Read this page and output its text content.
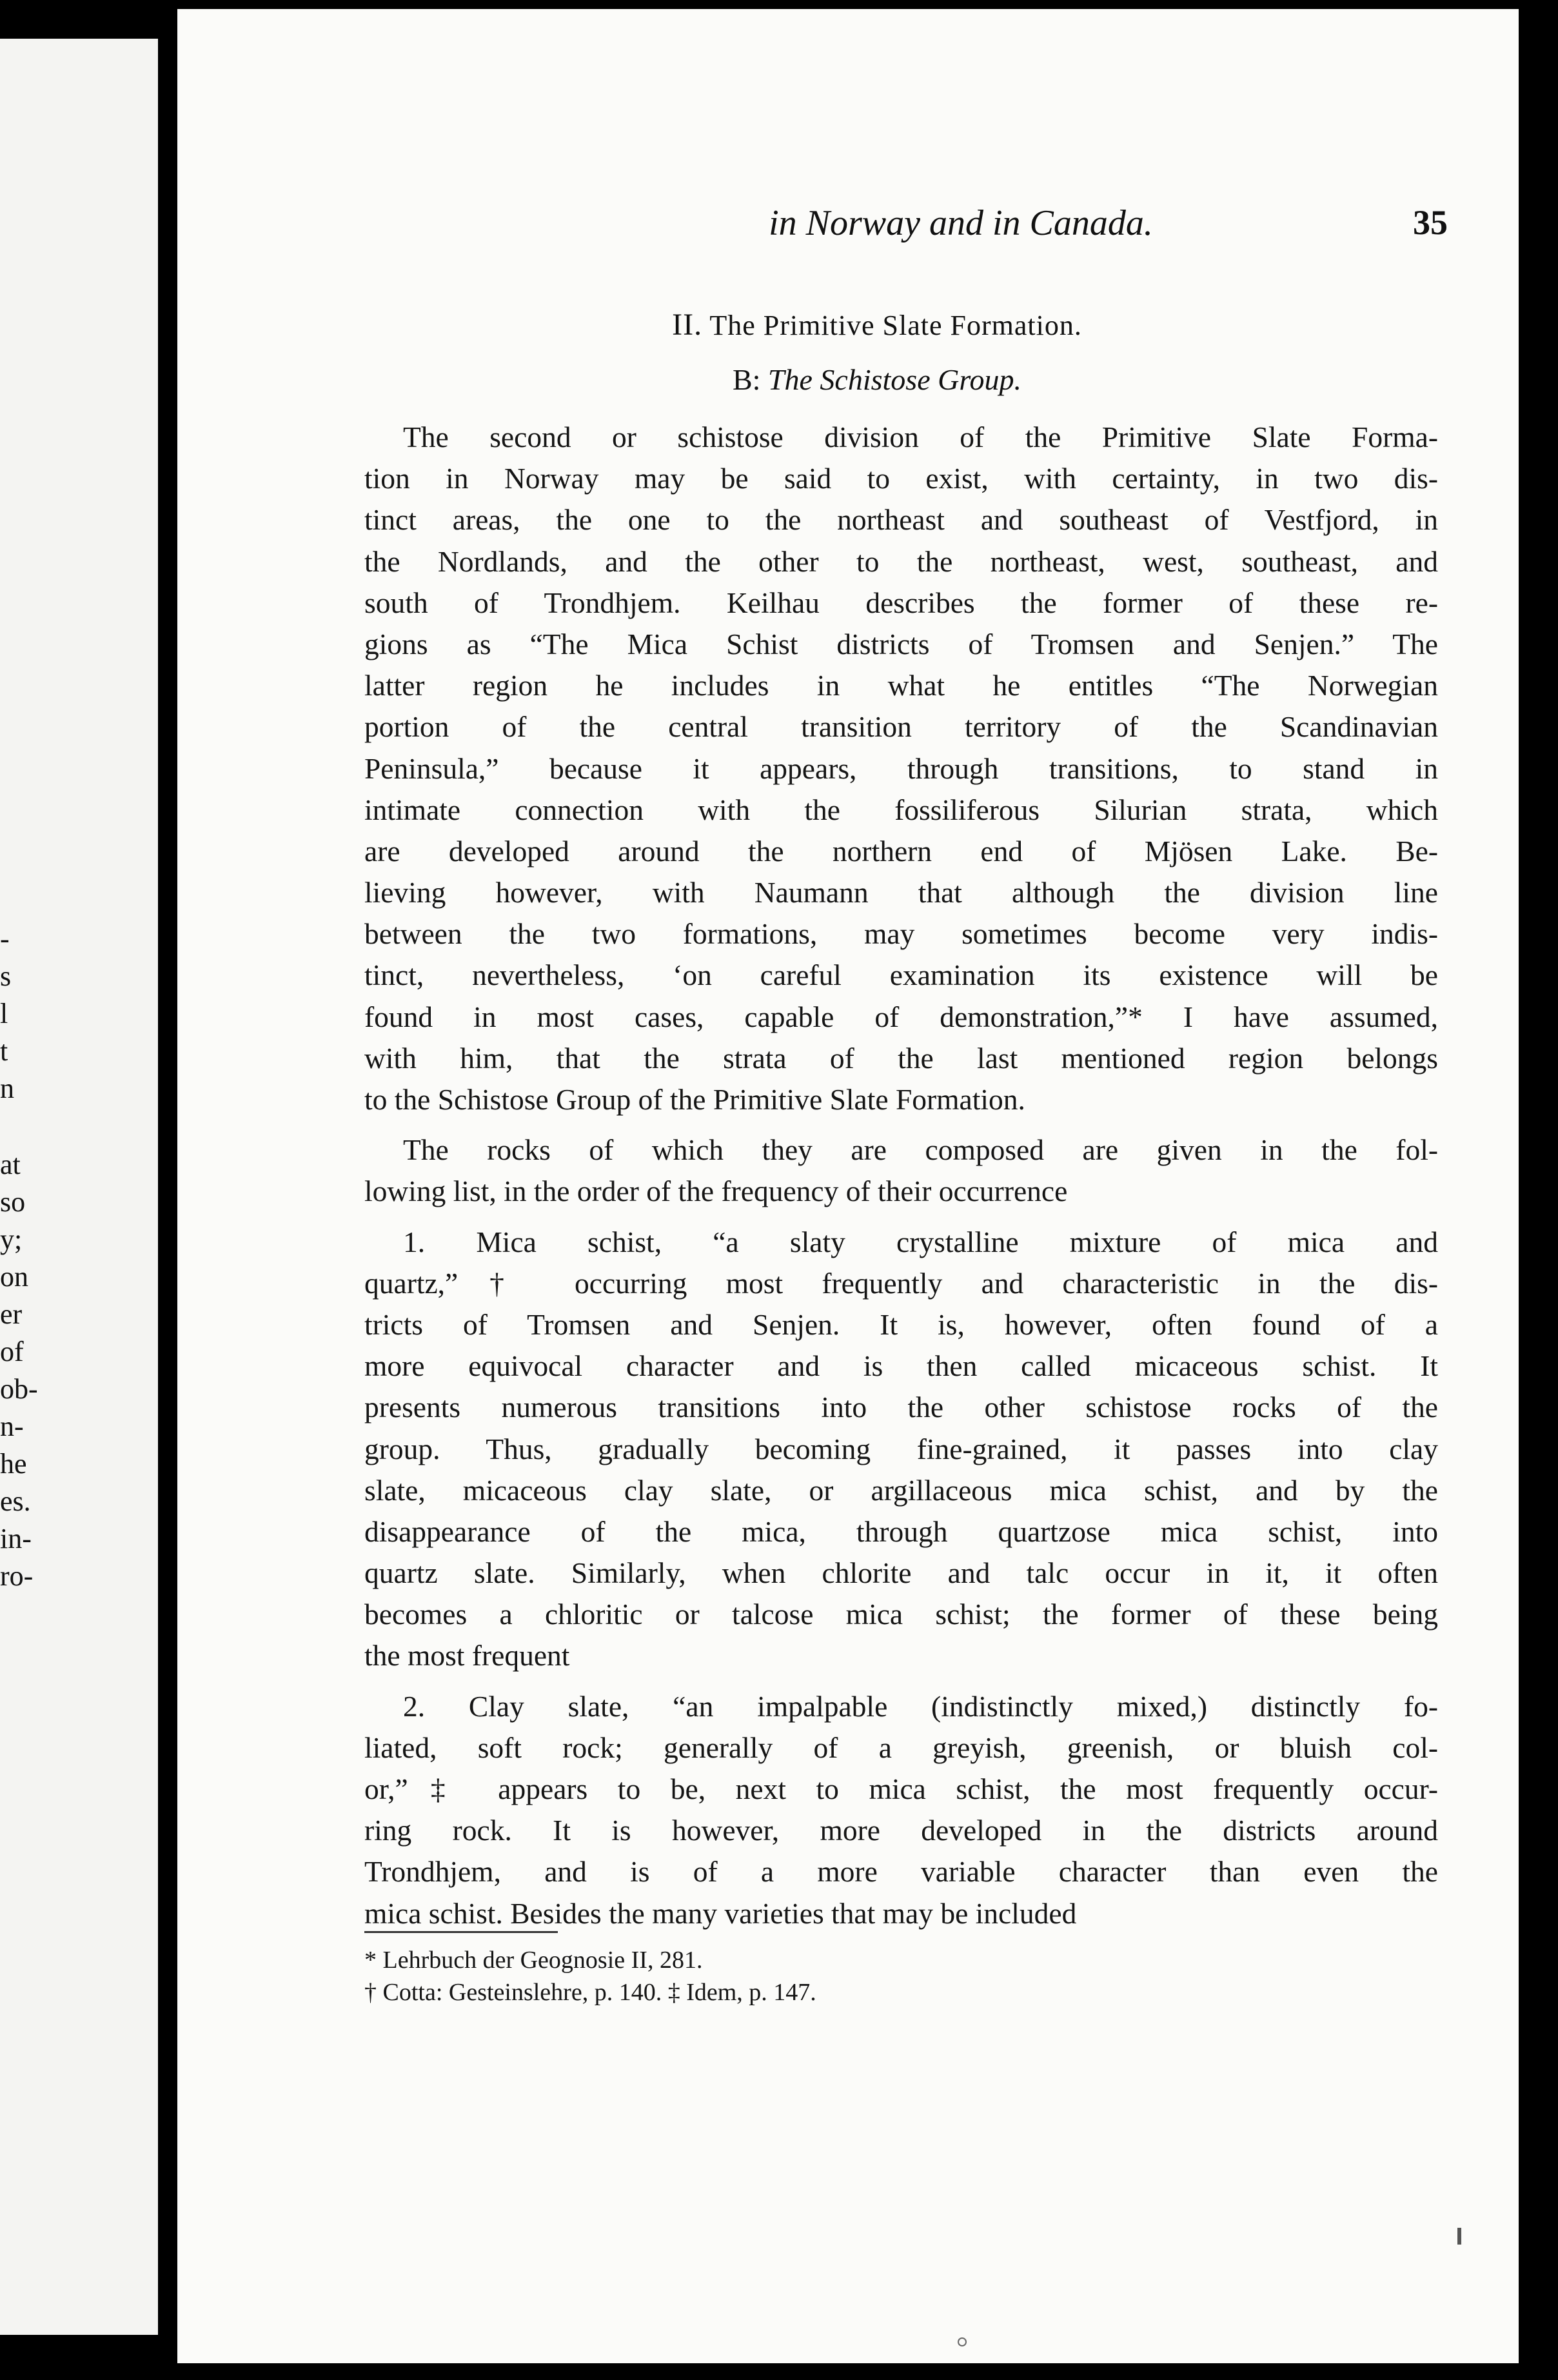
-
s
l
t
n
at
so
y;
on
er
of
ob-
n-
he
es.
in-
ro-
in Norway and in Canada.	35
II. The Primitive Slate Formation.
B: The Schistose Group.
The second or schistose division of the Primitive Slate Forma-
tion in Norway may be said to exist, with certainty, in two dis-
tinct areas, the one to the northeast and southeast of Vestfjord, in
the Nordlands, and the other to the northeast, west, southeast, and
south of Trondhjem. Keilhau describes the former of these re-
gions as “The Mica Schist districts of Tromsen and Senjen.” The
latter region he includes in what he entitles “The Norwegian
portion of the central transition territory of the Scandinavian
Peninsula,” because it appears, through transitions, to stand in
intimate connection with the fossiliferous Silurian strata, which
are developed around the northern end of Mjösen Lake. Be-
lieving however, with Naumann that although the division line
between the two formations, may sometimes become very indis-
tinct, nevertheless, ‘on careful examination its existence will be
found in most cases, capable of demonstration,”* I have assumed,
with him, that the strata of the last mentioned region belongs
to the Schistose Group of the Primitive Slate Formation.
The rocks of which they are composed are given in the fol-
lowing list, in the order of the frequency of their occurrence
1. Mica schist, “a slaty crystalline mixture of mica and
quartz,”† occurring most frequently and characteristic in the dis-
tricts of Tromsen and Senjen. It is, however, often found of a
more equivocal character and is then called micaceous schist. It
presents numerous transitions into the other schistose rocks of the
group. Thus, gradually becoming fine-grained, it passes into clay
slate, micaceous clay slate, or argillaceous mica schist, and by the
disappearance of the mica, through quartzose mica schist, into
quartz slate. Similarly, when chlorite and talc occur in it, it often
becomes a chloritic or talcose mica schist; the former of these being
the most frequent
2. Clay slate, “an impalpable (indistinctly mixed,) distinctly fo-
liated, soft rock; generally of a greyish, greenish, or bluish col-
or,”‡ appears to be, next to mica schist, the most frequently occur-
ring rock. It is however, more developed in the districts around
Trondhjem, and is of a more variable character than even the
mica schist. Besides the many varieties that may be included
* Lehrbuch der Geognosie II, 281.
† Cotta: Gesteinslehre, p. 140. ‡ Idem, p. 147.
